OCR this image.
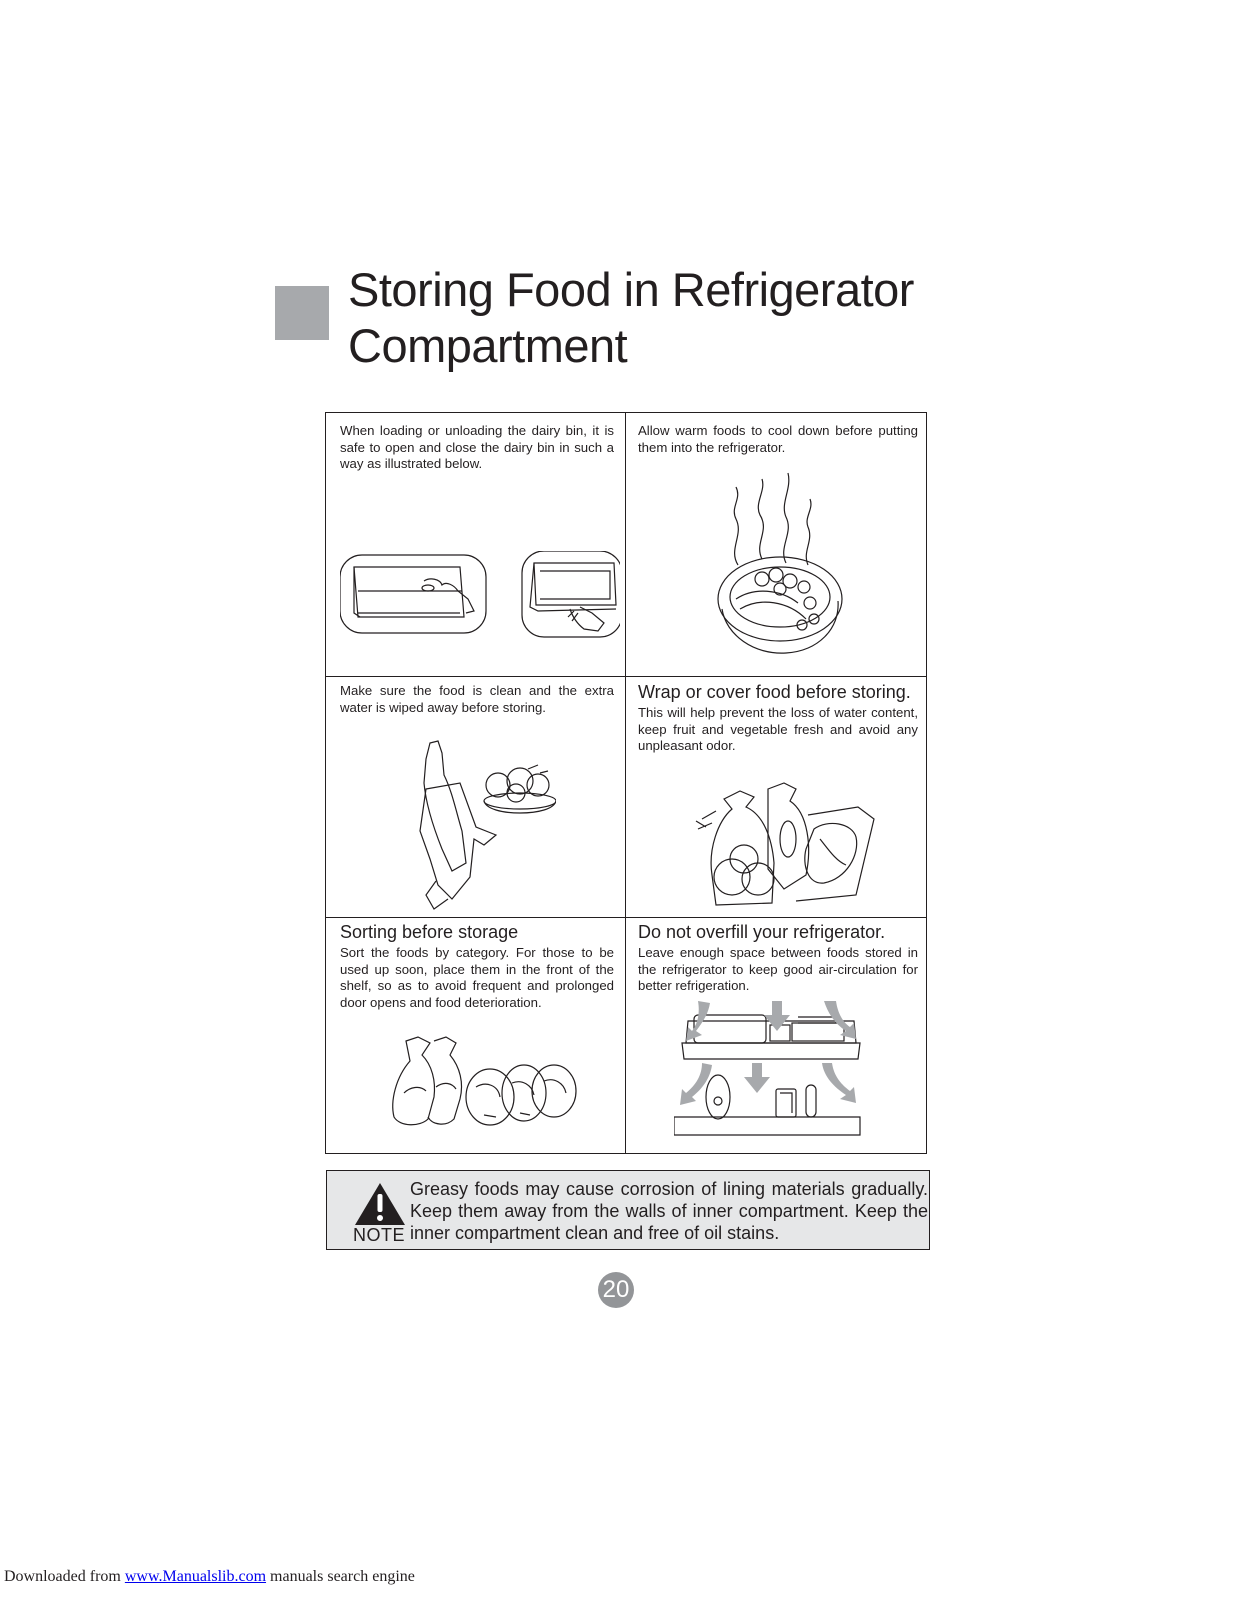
Storing Food in Refrigerator
Compartment

When loading or unloading the dairy bin, it is safe to open and close the dairy bin in such a way as illustrated below.

Allow warm foods to cool down before putting them into the refrigerator.

Make sure the food is clean and the extra water is wiped away before storing.

Wrap or cover food before storing.

This will help prevent the loss of water content, keep fruit and vegetable fresh and avoid any unpleasant odor.

Sorting before storage

Sort the foods by category. For those to be used up soon, place them in the front of the shelf, so as to avoid frequent and prolonged door opens and food deterioration.

Do not overfill your refrigerator.

Leave enough space between foods stored in the refrigerator to keep good air-circulation for better refrigeration.

NOTE

Greasy foods may cause corrosion of lining materials gradually. Keep them away from the walls of inner compartment. Keep the inner compartment clean and free of oil stains.

20
Downloaded from www.Manualslib.com manuals search engine
